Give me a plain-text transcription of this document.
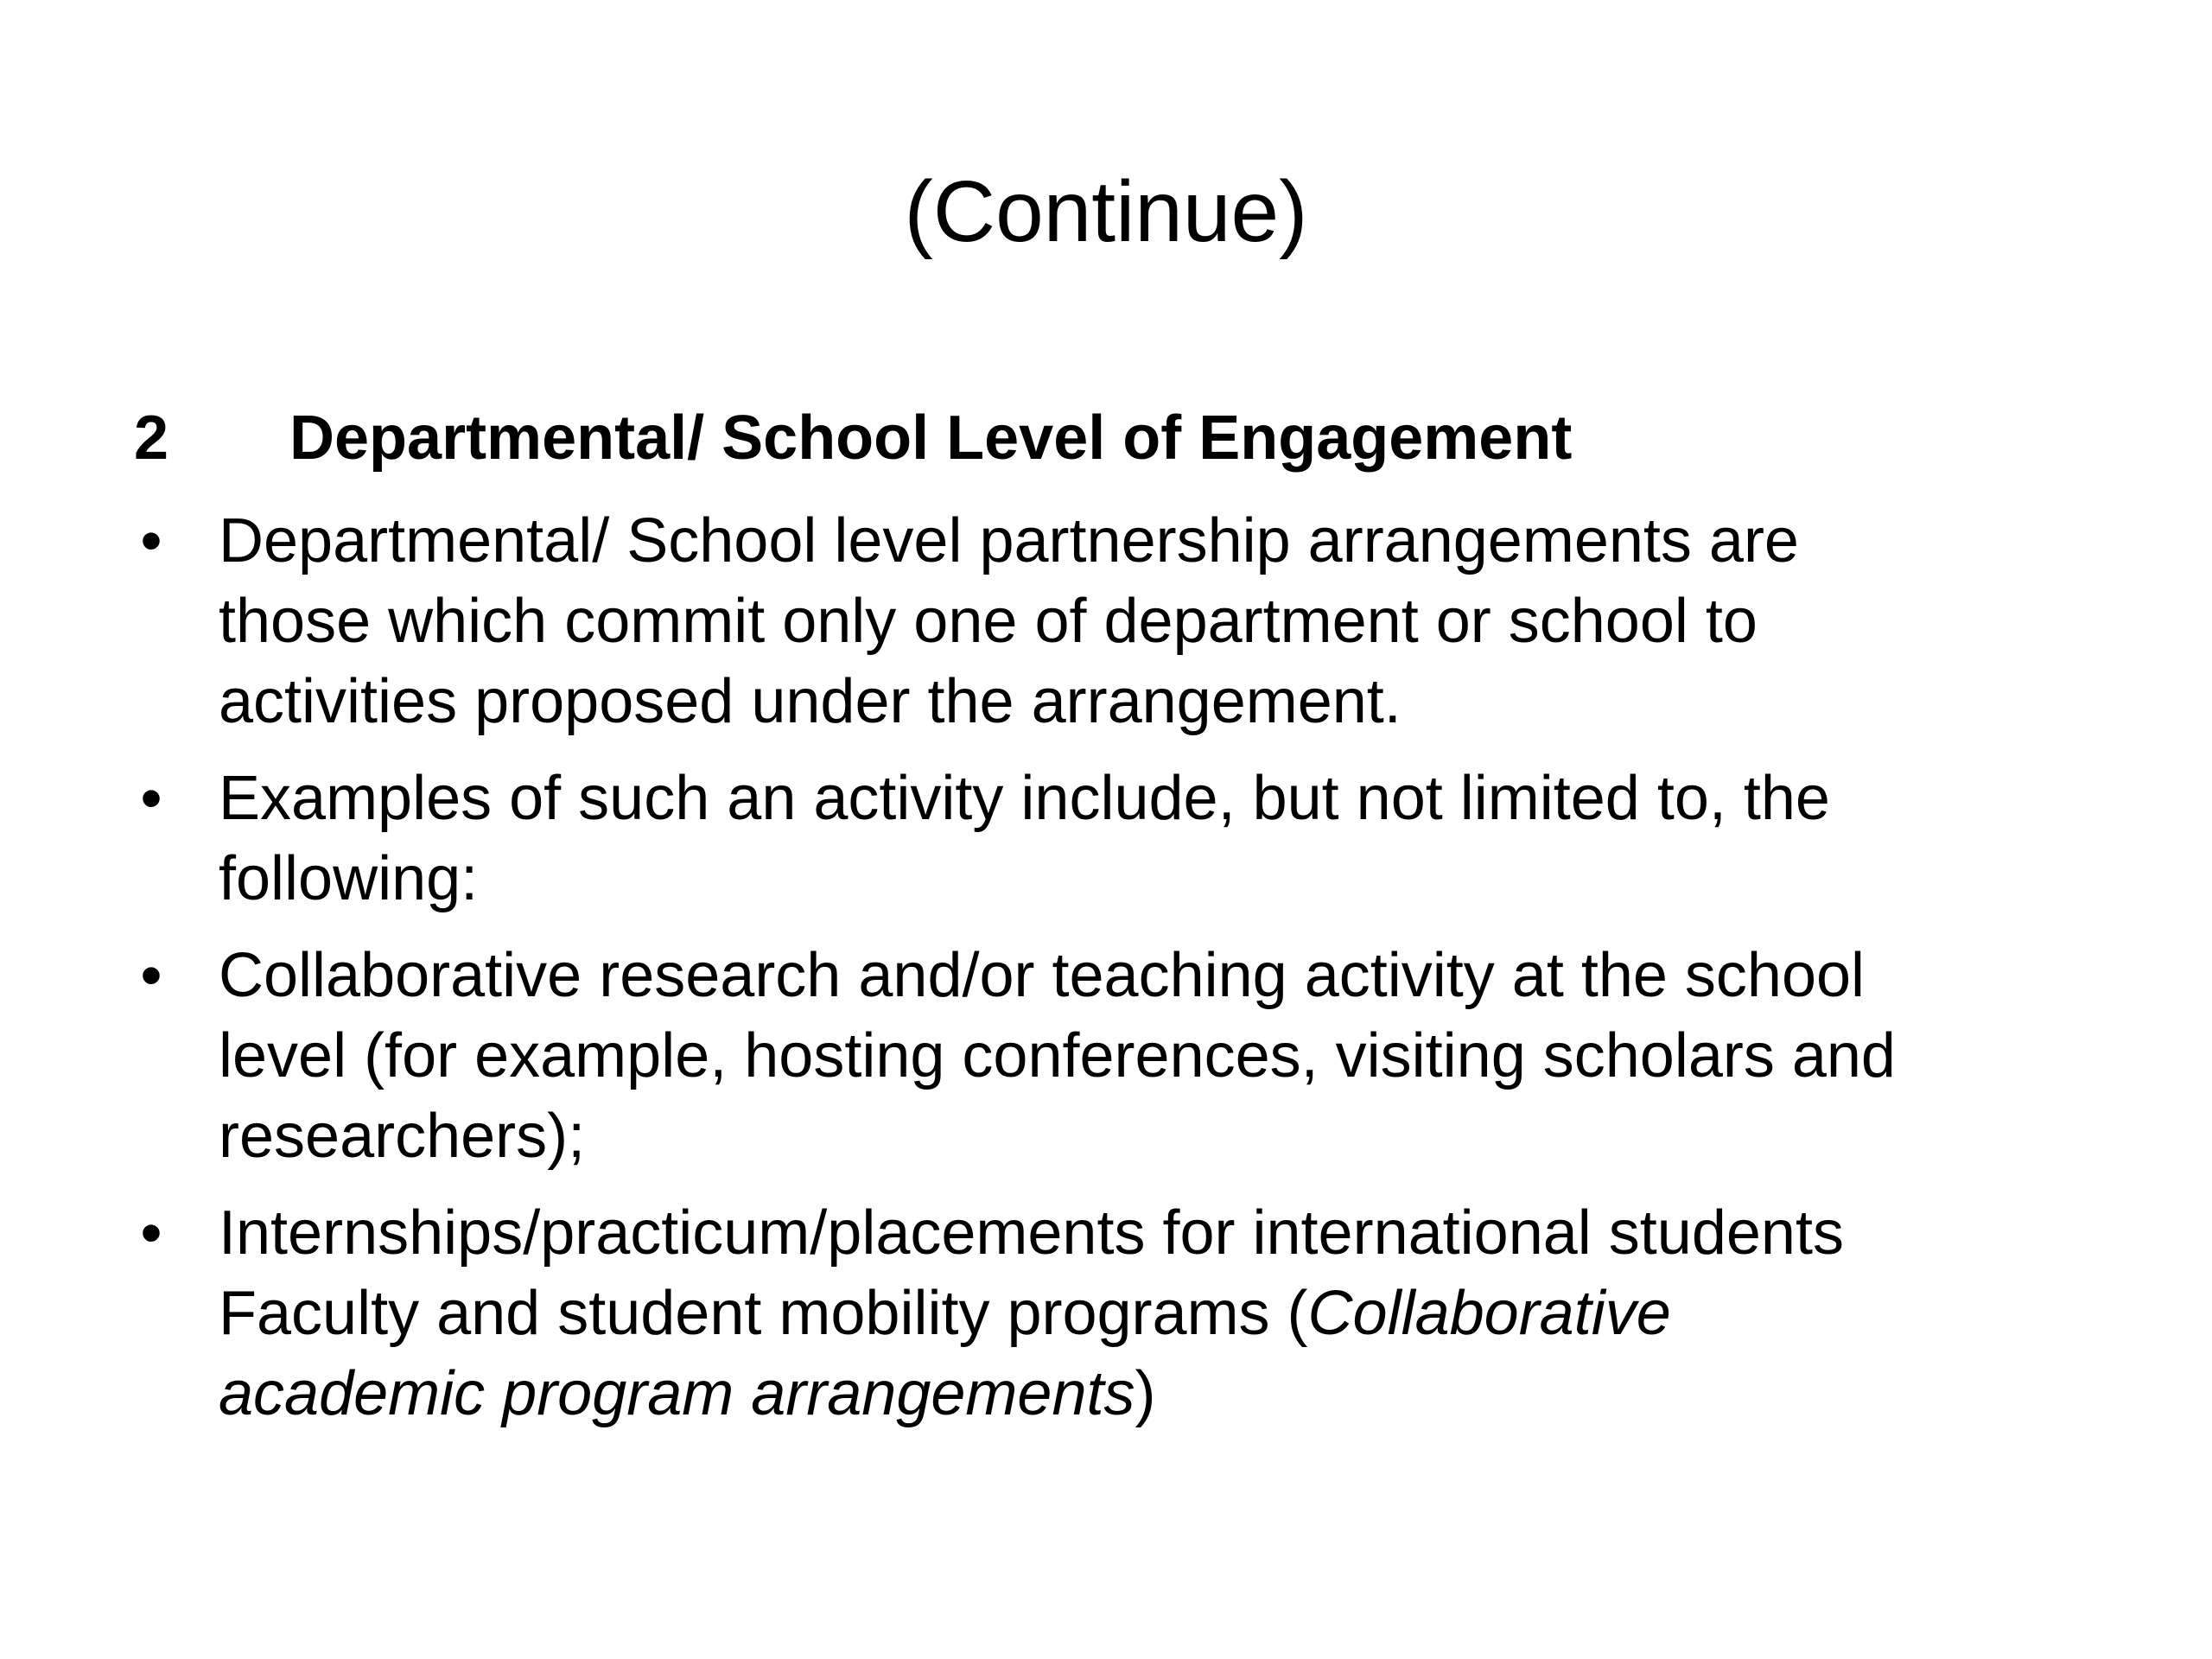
(Continue)
2 Departmental/ School Level of Engagement
• Departmental/ School level partnership arrangements are
those which commit only one of department or school to
activities proposed under the arrangement.
• Examples of such an activity include, but not limited to, the
following:
• Collaborative research and/or teaching activity at the school
level (for example, hosting conferences, visiting scholars and
researchers);
• Internships/practicum/placements for international students
Faculty and student mobility programs (Collaborative
academic program arrangements)
